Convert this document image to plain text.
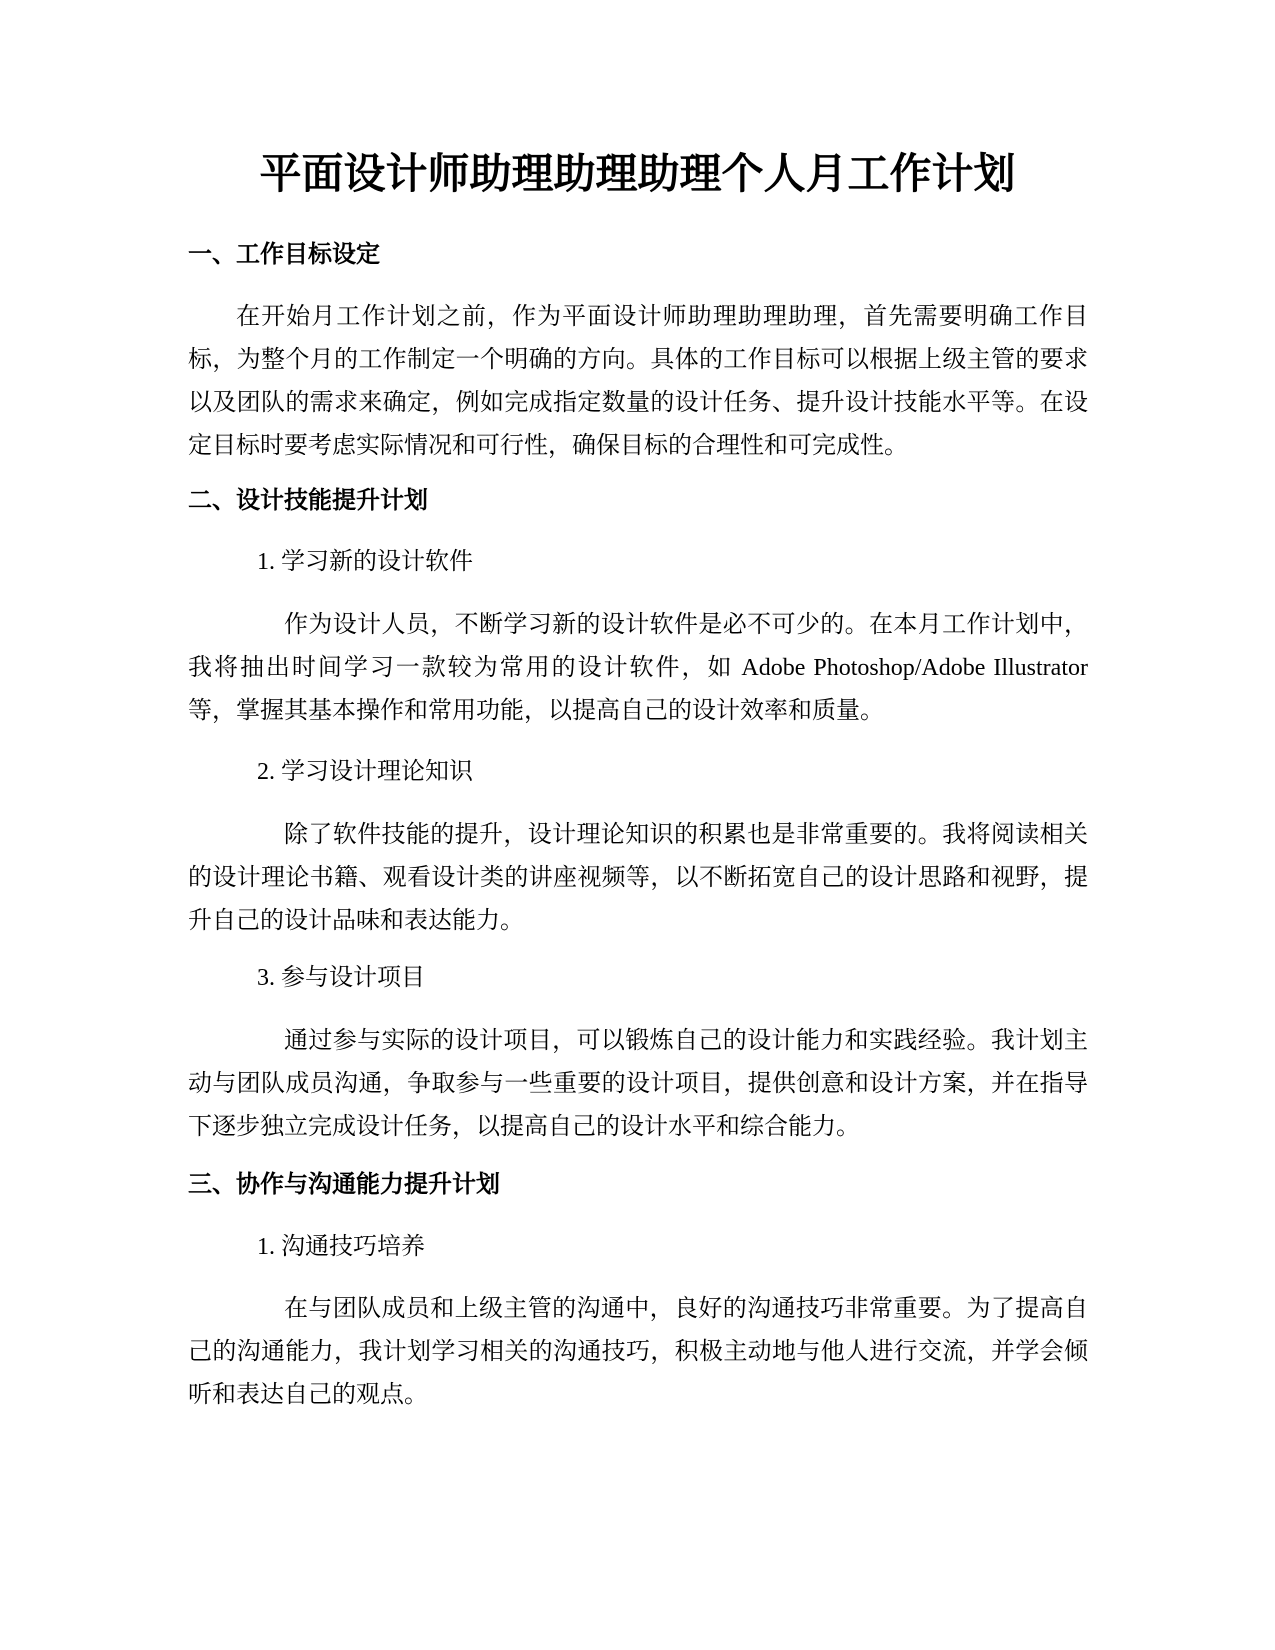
平面设计师助理助理助理个人月工作计划
一、工作目标设定

在开始月工作计划之前，作为平面设计师助理助理助理，首先需要明确工作目标，为整个月的工作制定一个明确的方向。具体的工作目标可以根据上级主管的要求以及团队的需求来确定，例如完成指定数量的设计任务、提升设计技能水平等。在设定目标时要考虑实际情况和可行性，确保目标的合理性和可完成性。

二、设计技能提升计划
1. 学习新的设计软件

作为设计人员，不断学习新的设计软件是必不可少的。在本月工作计划中，我将抽出时间学习一款较为常用的设计软件，如 Adobe Photoshop/Adobe Illustrator 等，掌握其基本操作和常用功能，以提高自己的设计效率和质量。

2. 学习设计理论知识

除了软件技能的提升，设计理论知识的积累也是非常重要的。我将阅读相关的设计理论书籍、观看设计类的讲座视频等，以不断拓宽自己的设计思路和视野，提升自己的设计品味和表达能力。

3. 参与设计项目

通过参与实际的设计项目，可以锻炼自己的设计能力和实践经验。我计划主动与团队成员沟通，争取参与一些重要的设计项目，提供创意和设计方案，并在指导下逐步独立完成设计任务，以提高自己的设计水平和综合能力。

三、协作与沟通能力提升计划
1. 沟通技巧培养

在与团队成员和上级主管的沟通中，良好的沟通技巧非常重要。为了提高自己的沟通能力，我计划学习相关的沟通技巧，积极主动地与他人进行交流，并学会倾听和表达自己的观点。
